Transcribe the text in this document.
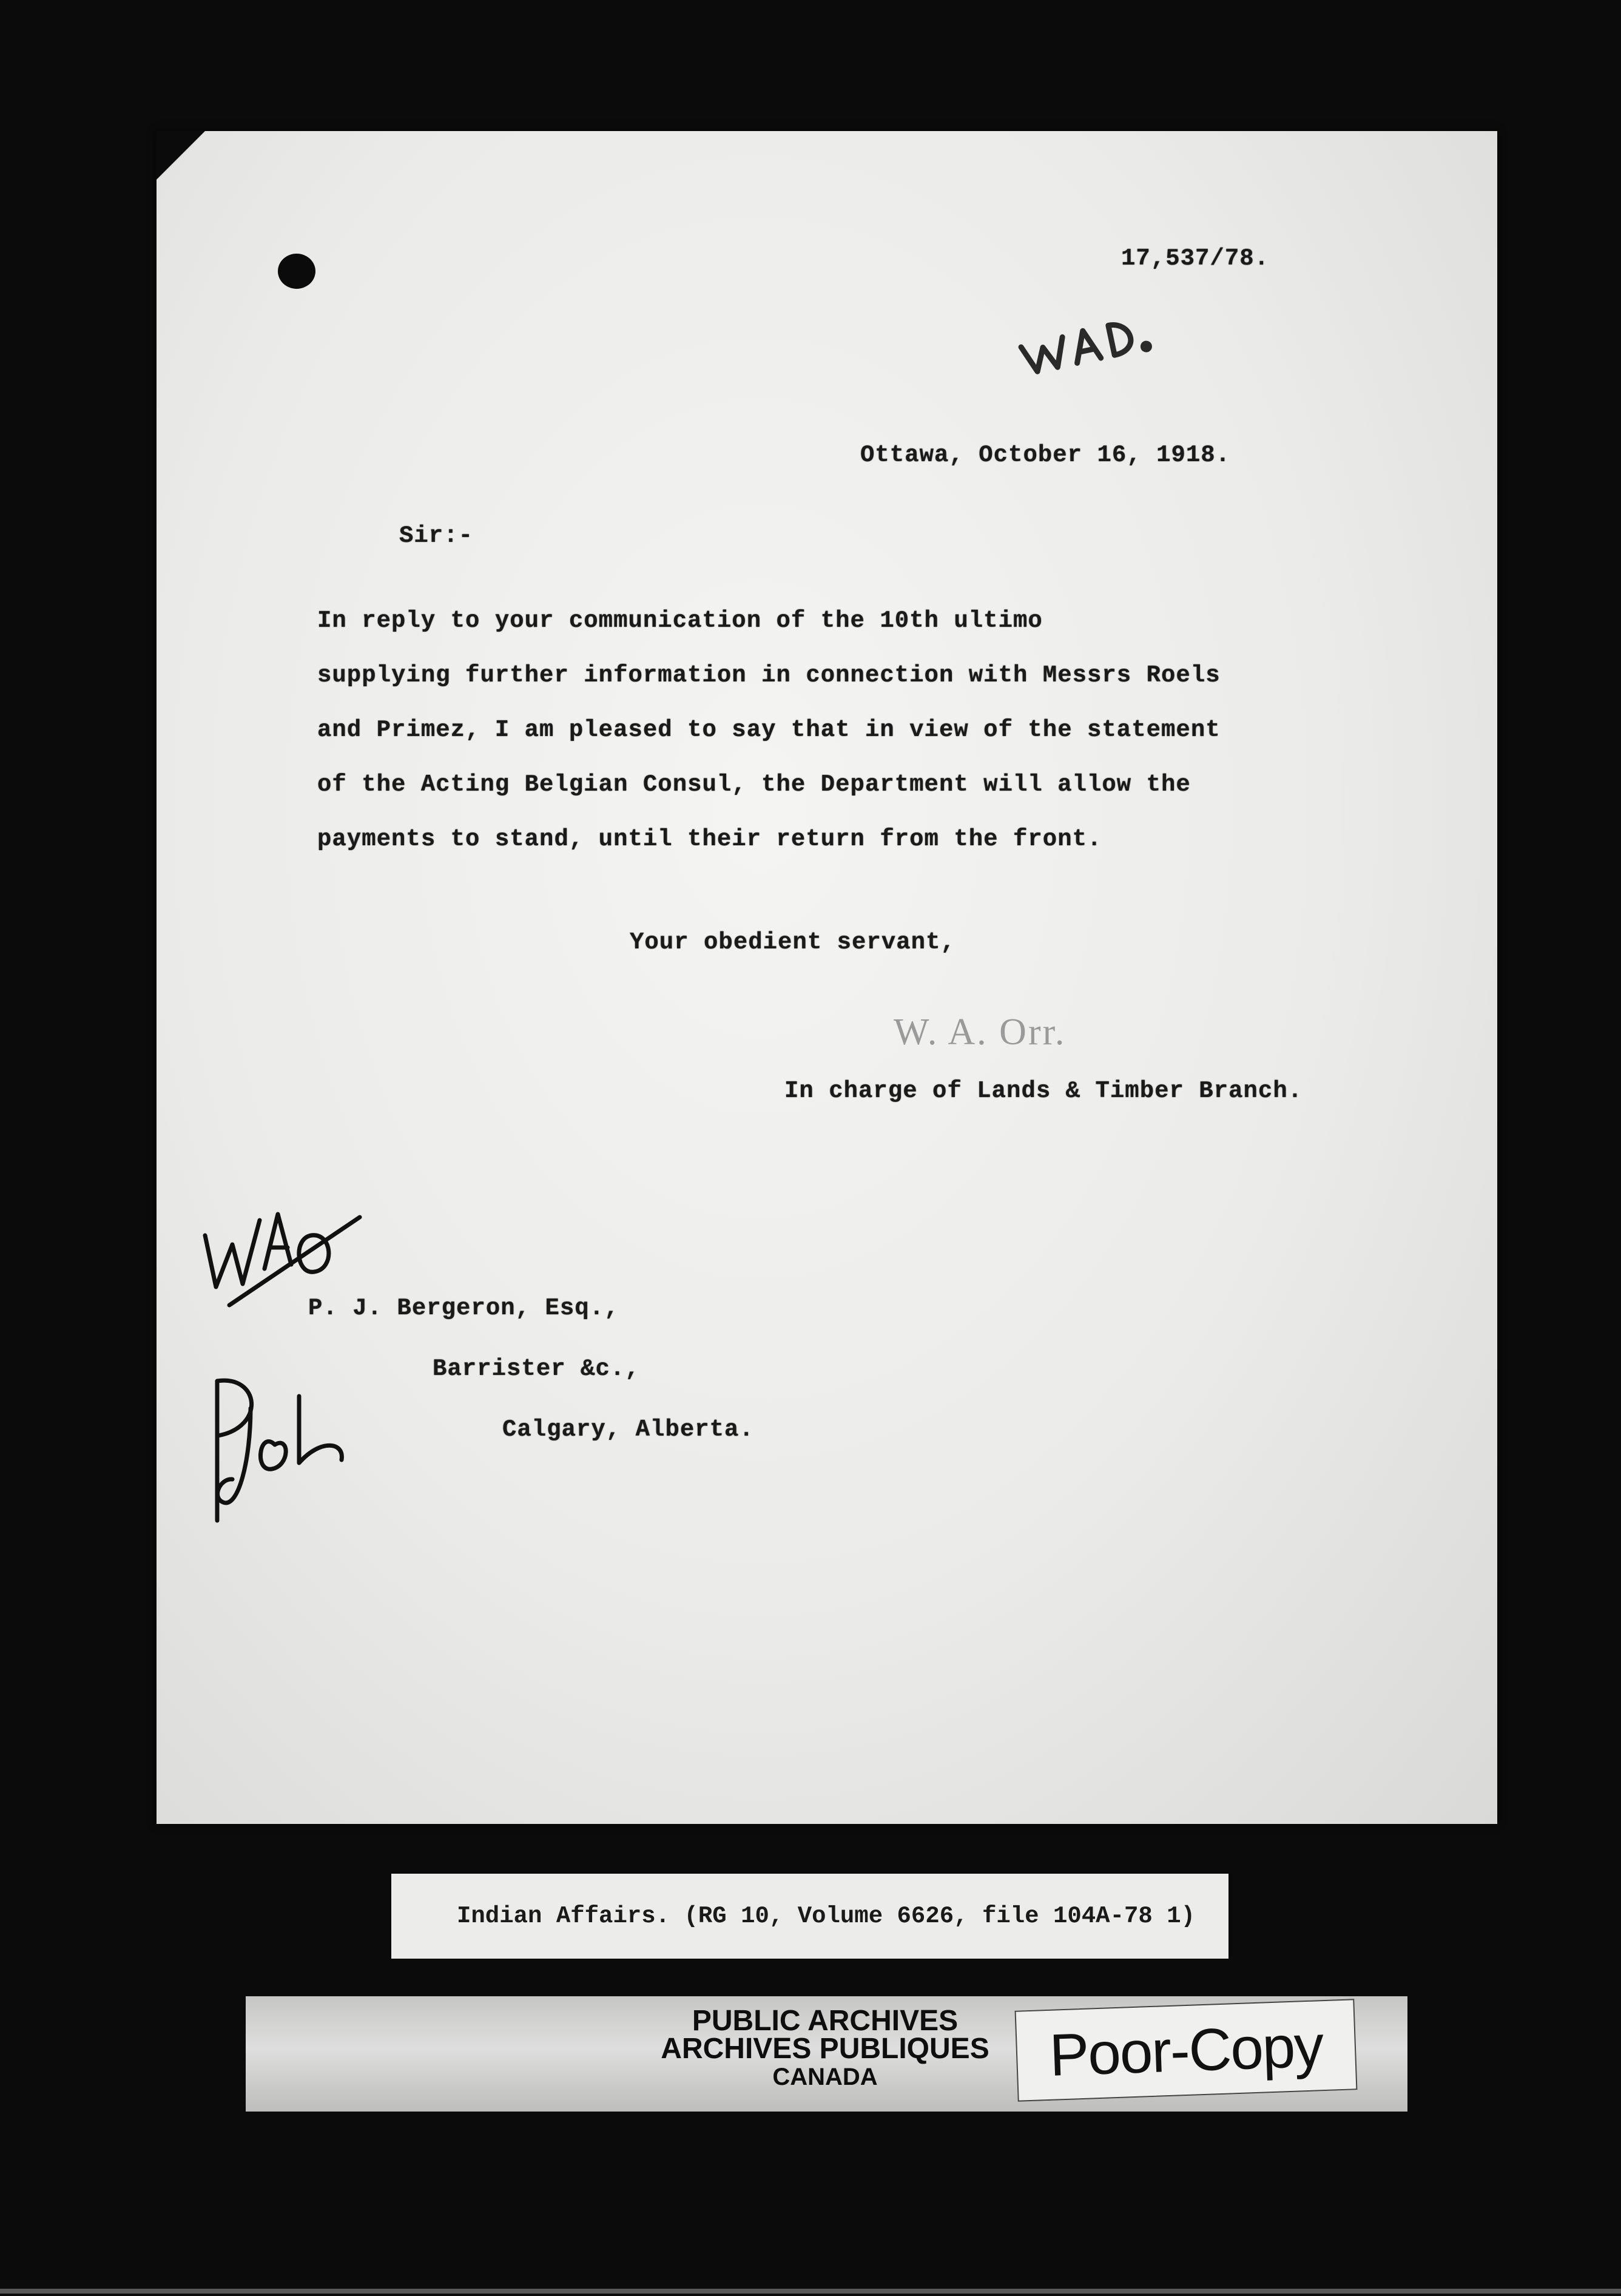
17,537/78.
Ottawa, October 16, 1918.
Sir:-
In reply to your communication of the 10th ultimo
supplying further information in connection with Messrs Roels
and Primez, I am pleased to say that in view of the statement
of the Acting Belgian Consul, the Department will allow the
payments to stand, until their return from the front.
Your obedient servant,
W. A. Orr.
In charge of Lands & Timber Branch.
P. J. Bergeron, Esq.,
Barrister &c.,
Calgary, Alberta.
Indian Affairs. (RG 10, Volume 6626, file 104A-78 1)
PUBLIC ARCHIVES
ARCHIVES PUBLIQUES
CANADA	Poor-Copy
